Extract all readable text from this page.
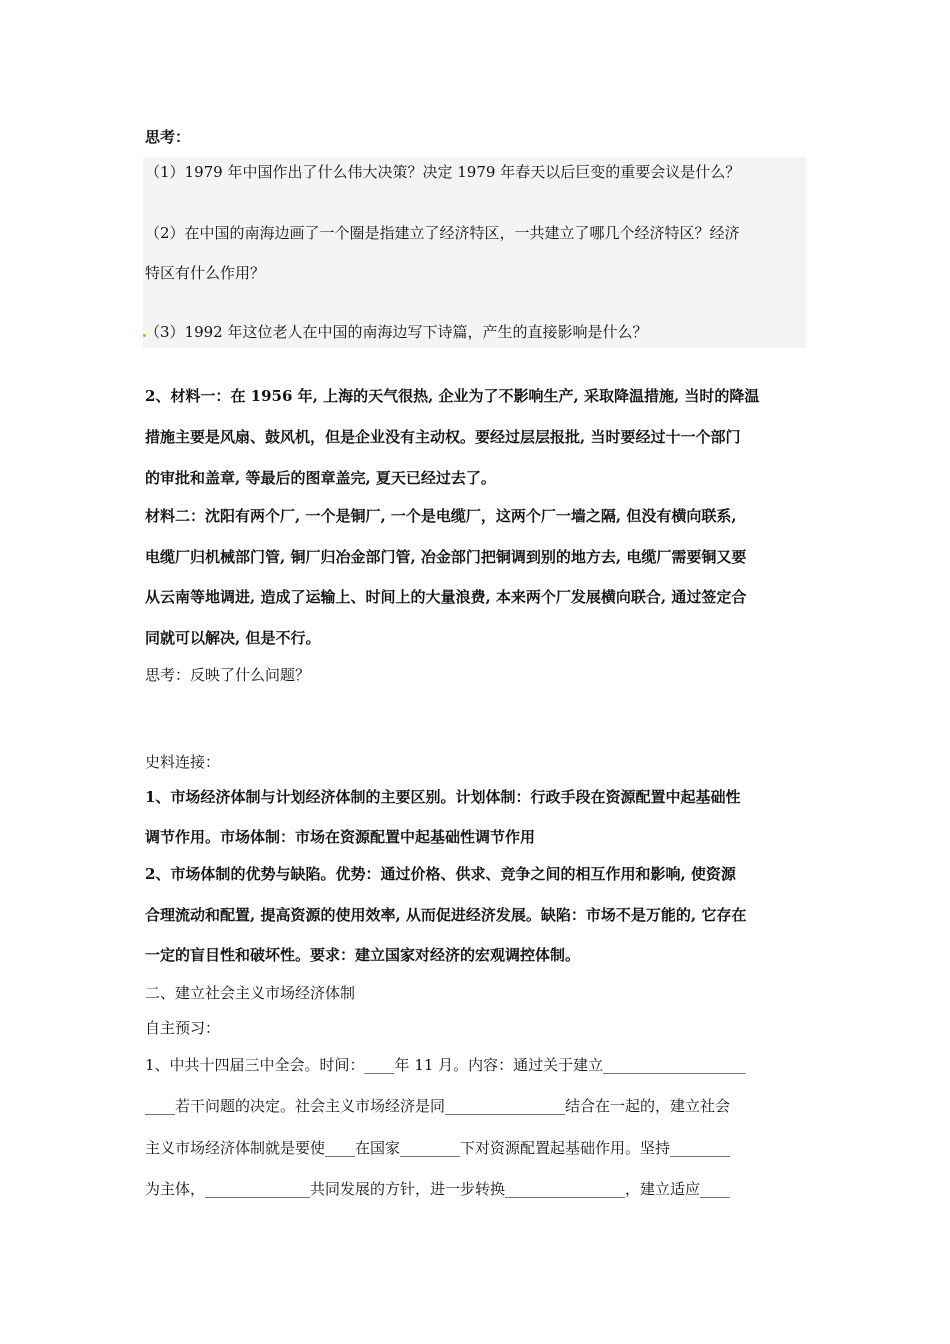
思考：
（1）1979 年中国作出了什么伟大决策？决定 1979 年春天以后巨变的重要会议是什么？
（2）在中国的南海边画了一个圈是指建立了经济特区，一共建立了哪几个经济特区？经济
特区有什么作用？
（3）1992 年这位老人在中国的南海边写下诗篇，产生的直接影响是什么？
2、材料一：在 1956 年, 上海的天气很热, 企业为了不影响生产, 采取降温措施, 当时的降温
措施主要是风扇、鼓风机，但是企业没有主动权。要经过层层报批, 当时要经过十一个部门
的审批和盖章, 等最后的图章盖完, 夏天已经过去了。
材料二：沈阳有两个厂, 一个是铜厂, 一个是电缆厂，这两个厂一墙之隔, 但没有横向联系,
电缆厂归机械部门管, 铜厂归冶金部门管, 冶金部门把铜调到别的地方去, 电缆厂需要铜又要
从云南等地调进, 造成了运输上、时间上的大量浪费, 本来两个厂发展横向联合, 通过签定合
同就可以解决, 但是不行。
思考：反映了什么问题？
史料连接：
1、市场经济体制与计划经济体制的主要区别。计划体制：行政手段在资源配置中起基础性
调节作用。市场体制：市场在资源配置中起基础性调节作用
2、市场体制的优势与缺陷。优势：通过价格、供求、竞争之间的相互作用和影响, 使资源
合理流动和配置, 提高资源的使用效率, 从而促进经济发展。缺陷：市场不是万能的, 它存在
一定的盲目性和破坏性。要求：建立国家对经济的宏观调控体制。
二、建立社会主义市场经济体制
自主预习：
1、中共十四届三中全会。时间：____年 11 月。内容：通过关于建立___________________
____若干问题的决定。社会主义市场经济是同________________结合在一起的，建立社会
主义市场经济体制就是要使____在国家________下对资源配置起基础作用。坚持________
为主体，______________共同发展的方针，进一步转换________________，建立适应____
